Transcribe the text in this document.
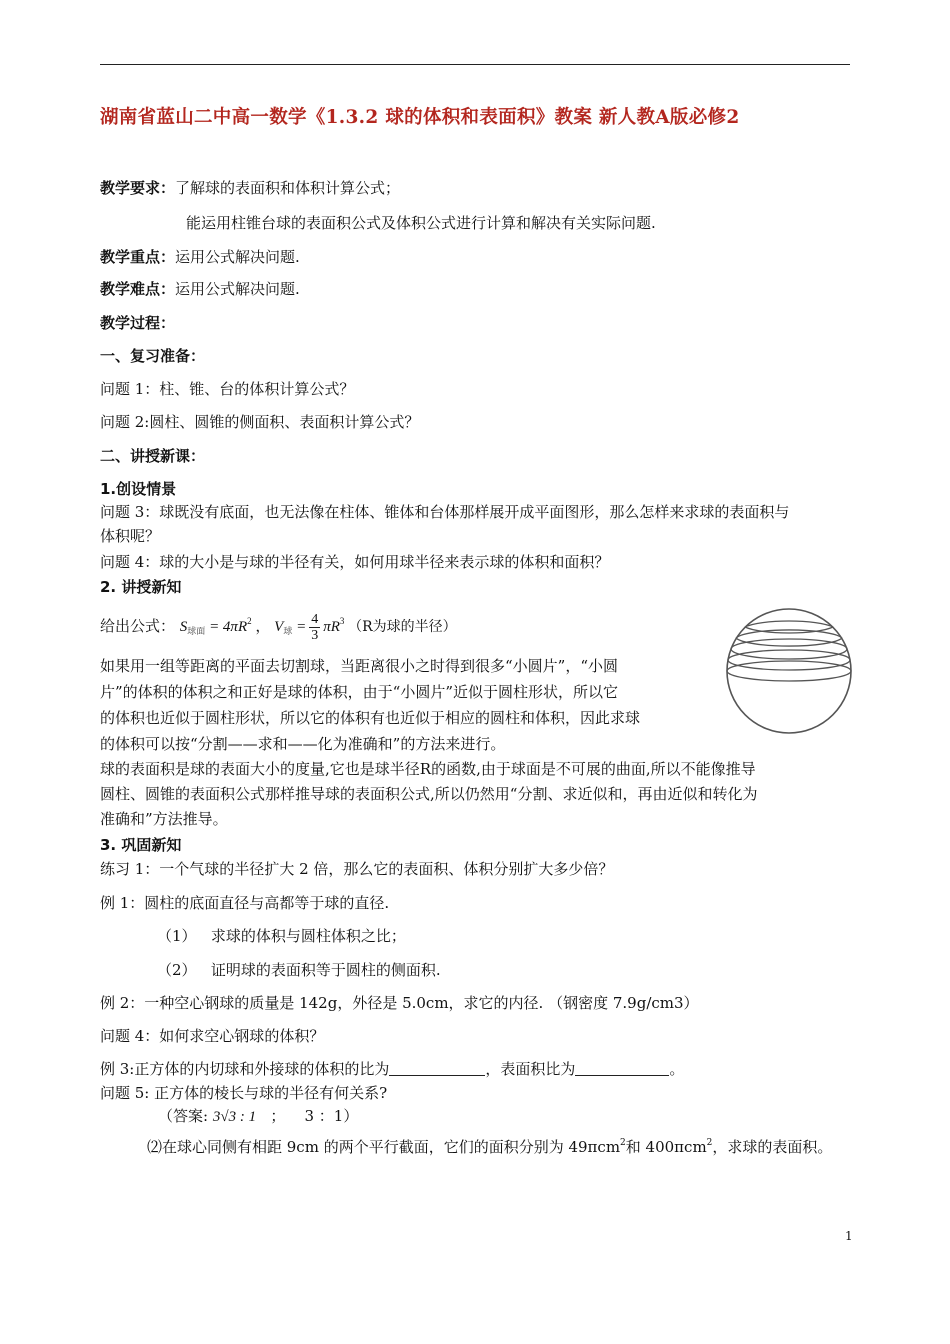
湖南省蓝山二中高一数学《1.3.2 球的体积和表面积》教案 新人教A版必修2
教学要求：了解球的表面积和体积计算公式；
能运用柱锥台球的表面积公式及体积公式进行计算和解决有关实际问题.
教学重点：运用公式解决问题.
教学难点：运用公式解决问题.
教学过程：
一、复习准备：
问题 1：柱、锥、台的体积计算公式？
问题 2:圆柱、圆锥的侧面积、表面积计算公式？
二、讲授新课：
1.创设情景
问题 3：球既没有底面，也无法像在柱体、锥体和台体那样展开成平面图形，那么怎样来求球的表面积与
体积呢？
问题 4：球的大小是与球的半径有关，如何用球半径来表示球的体积和面积？
2. 讲授新知
给出公式： $S_{球面} = 4\pi R^2$ ， $V_球 = \frac{4}{3} \pi R^3$ （R为球的半径）
如果用一组等距离的平面去切割球，当距离很小之时得到很多“小圆片”，“小圆
片”的体积的体积之和正好是球的体积，由于“小圆片”近似于圆柱形状，所以它
的体积也近似于圆柱形状，所以它的体积有也近似于相应的圆柱和体积，因此求球
的体积可以按“分割——求和——化为准确和”的方法来进行。
球的表面积是球的表面大小的度量,它也是球半径R的函数,由于球面是不可展的曲面,所以不能像推导
圆柱、圆锥的表面积公式那样推导球的表面积公式,所以仍然用“分割、求近似和，再由近似和转化为
准确和”方法推导。
3. 巩固新知
练习 1：一个气球的半径扩大 2 倍，那么它的表面积、体积分别扩大多少倍？
例 1：圆柱的底面直径与高都等于球的直径.
（1） 求球的体积与圆柱体积之比；
（2） 证明球的表面积等于圆柱的侧面积.
例 2：一种空心钢球的质量是 142g，外径是 5.0cm，求它的内径. （钢密度 7.9g/cm3）
问题 4：如何求空心钢球的体积？
例 3:正方体的内切球和外接球的体积的比为	，表面积比为	。
问题 5: 正方体的棱长与球的半径有何关系?
（答案: 3√3 : 1 ； 3 ：1）
⑵在球心同侧有相距 9cm 的两个平行截面，它们的面积分别为 49πcm$^2$和 400πcm$^2$，求球的表面积。
1
